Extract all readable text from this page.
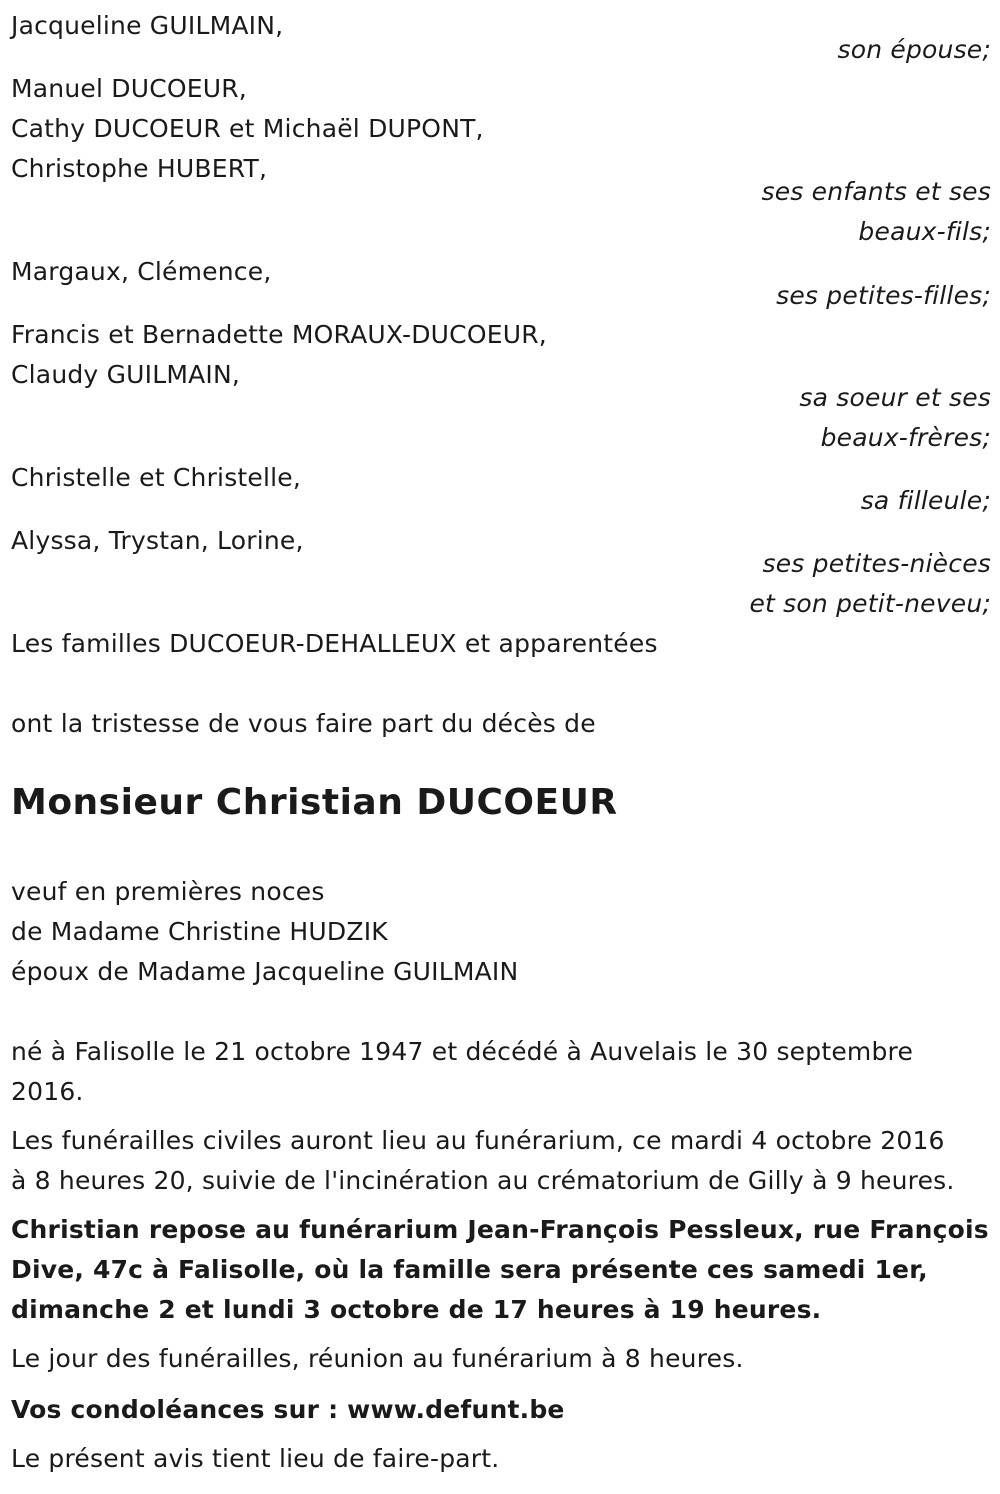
Jacqueline GUILMAIN,
son épouse;
Manuel DUCOEUR,
Cathy DUCOEUR et Michaël DUPONT,
Christophe HUBERT,
ses enfants et ses
beaux-fils;
Margaux, Clémence,
ses petites-filles;
Francis et Bernadette MORAUX-DUCOEUR,
Claudy GUILMAIN,
sa soeur et ses
beaux-frères;
Christelle et Christelle,
sa filleule;
Alyssa, Trystan, Lorine,
ses petites-nièces
et son petit-neveu;
Les familles DUCOEUR-DEHALLEUX et apparentées
ont la tristesse de vous faire part du décès de
Monsieur Christian DUCOEUR
veuf en premières noces
de Madame Christine HUDZIK
époux de Madame Jacqueline GUILMAIN
né à Falisolle le 21 octobre 1947 et décédé à Auvelais le 30 septembre
2016.
Les funérailles civiles auront lieu au funérarium, ce mardi 4 octobre 2016
à 8 heures 20, suivie de l'incinération au crématorium de Gilly à 9 heures.
Christian repose au funérarium Jean-François Pessleux, rue François
Dive, 47c à Falisolle, où la famille sera présente ces samedi 1er,
dimanche 2 et lundi 3 octobre de 17 heures à 19 heures.
Le jour des funérailles, réunion au funérarium à 8 heures.
Vos condoléances sur : www.defunt.be
Le présent avis tient lieu de faire-part.
